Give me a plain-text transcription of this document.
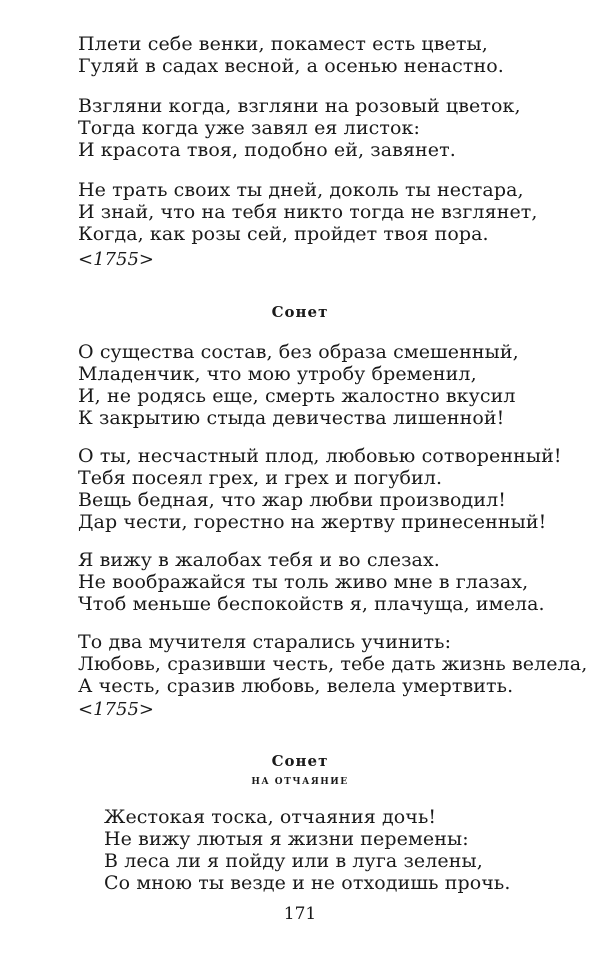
Плети себе венки, покамест есть цветы,
Гуляй в садах весной, а осенью ненастно.
Взгляни когда, взгляни на розовый цветок,
Тогда когда уже завял ея листок:
И красота твоя, подобно ей, завянет.
Не трать своих ты дней, доколь ты нестара,
И знай, что на тебя никто тогда не взглянет,
Когда, как розы сей, пройдет твоя пора.
<1755>
Сонет
О существа состав, без образа смешенный,
Младенчик, что мою утробу бременил,
И, не родясь еще, смерть жалостно вкусил
К закрытию стыда девичества лишенной!
О ты, несчастный плод, любовью сотворенный!
Тебя посеял грех, и грех и погубил.
Вещь бедная, что жар любви производил!
Дар чести, горестно на жертву принесенный!
Я вижу в жалобах тебя и во слезах.
Не воображайся ты толь живо мне в глазах,
Чтоб меньше беспокойств я, плачуща, имела.
То два мучителя старались учинить:
Любовь, сразивши честь, тебе дать жизнь велела,
А честь, сразив любовь, велела умертвить.
<1755>
Сонет
НА ОТЧАЯНИЕ
Жестокая тоска, отчаяния дочь!
Не вижу лютыя я жизни перемены:
В леса ли я пойду или в луга зелены,
Со мною ты везде и не отходишь прочь.
171
